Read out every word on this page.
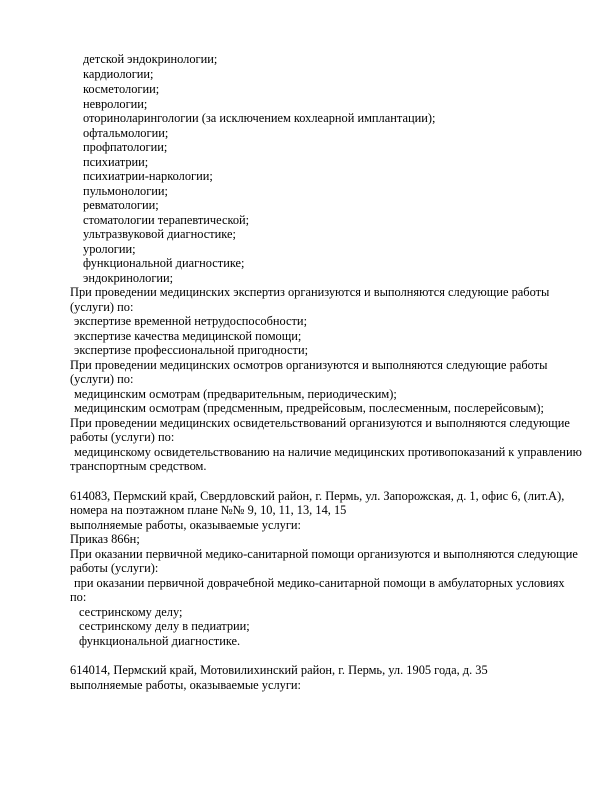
детской эндокринологии;
кардиологии;
косметологии;
неврологии;
оториноларингологии (за исключением кохлеарной имплантации);
офтальмологии;
профпатологии;
психиатрии;
психиатрии-наркологии;
пульмонологии;
ревматологии;
стоматологии терапевтической;
ультразвуковой диагностике;
урологии;
функциональной диагностике;
эндокринологии;
При проведении медицинских экспертиз организуются и выполняются следующие работы
(услуги) по:
экспертизе временной нетрудоспособности;
экспертизе качества медицинской помощи;
экспертизе профессиональной пригодности;
При проведении медицинских осмотров организуются и выполняются следующие работы
(услуги) по:
медицинским осмотрам (предварительным, периодическим);
медицинским осмотрам (предсменным, предрейсовым, послесменным, послерейсовым);
При проведении медицинских освидетельствований организуются и выполняются следующие
работы (услуги) по:
медицинскому освидетельствованию на наличие медицинских противопоказаний к управлению
транспортным средством.
614083, Пермский край, Свердловский район, г. Пермь, ул. Запорожская, д. 1, офис 6, (лит.А),
номера на поэтажном плане №№ 9, 10, 11, 13, 14, 15
выполняемые работы, оказываемые услуги:
Приказ 866н;
При оказании первичной медико-санитарной помощи организуются и выполняются следующие
работы (услуги):
при оказании первичной доврачебной медико-санитарной помощи в амбулаторных условиях
по:
сестринскому делу;
сестринскому делу в педиатрии;
функциональной диагностике.
614014, Пермский край, Мотовилихинский район, г. Пермь, ул. 1905 года, д. 35
выполняемые работы, оказываемые услуги:
